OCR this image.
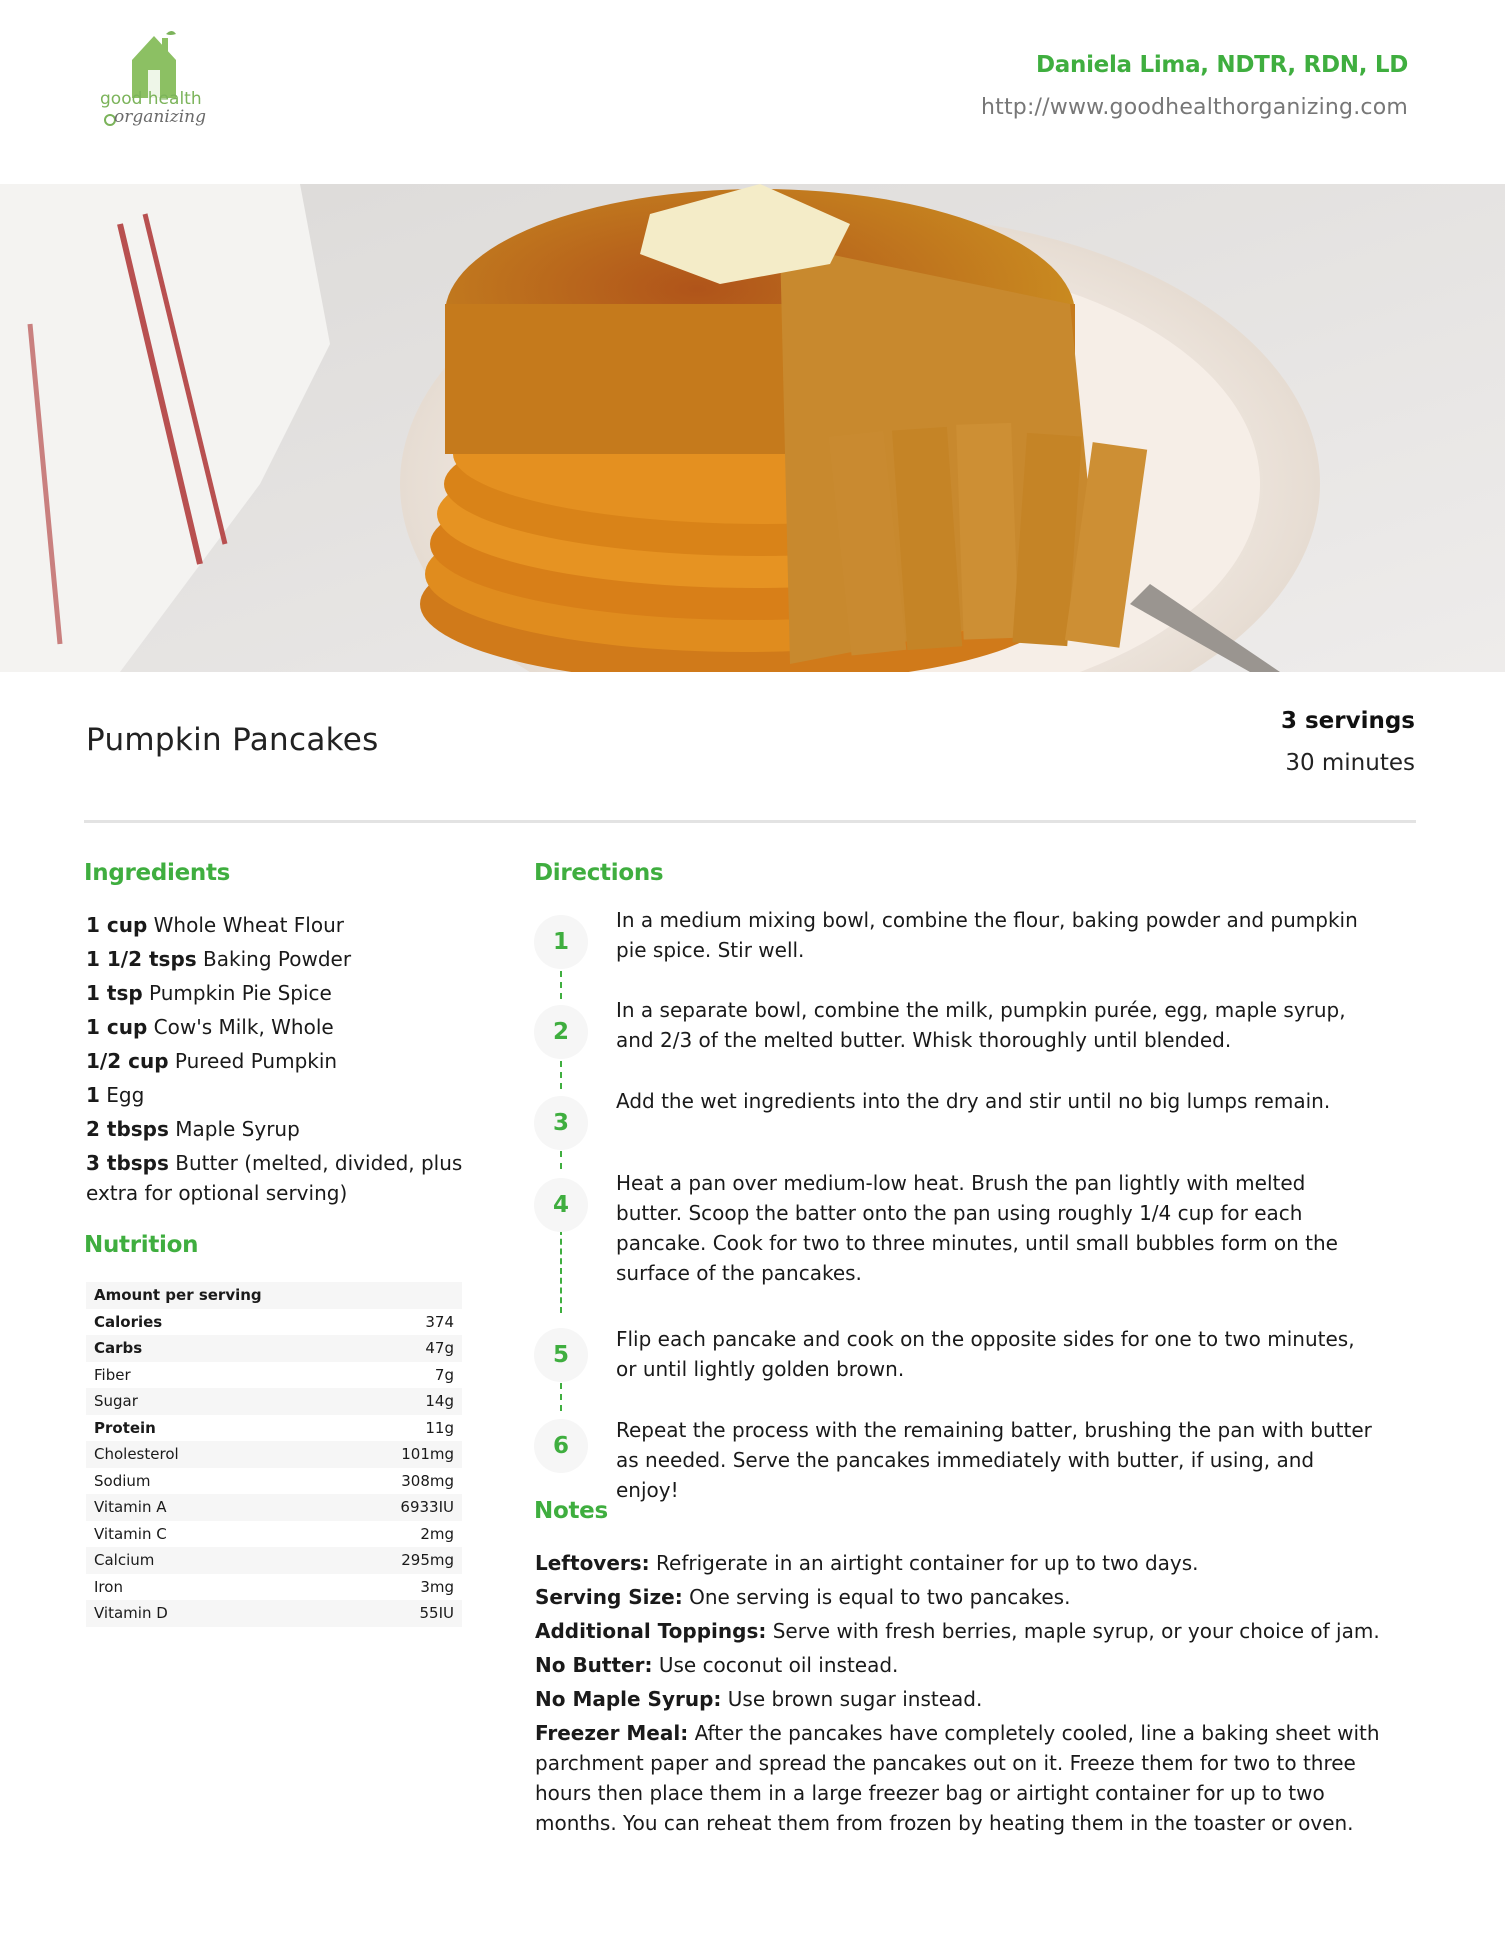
good health
organizing
Daniela Lima, NDTR, RDN, LD
http://www.goodhealthorganizing.com
Pumpkin Pancakes
3 servings
30 minutes
Ingredients
1 cup Whole Wheat Flour
1 1/2 tsps Baking Powder
1 tsp Pumpkin Pie Spice
1 cup Cow's Milk, Whole
1/2 cup Pureed Pumpkin
1 Egg
2 tbsps Maple Syrup
3 tbsps Butter (melted, divided, plus extra for optional serving)
Nutrition
Amount per serving
Calories	374
Carbs	47g
Fiber	7g
Sugar	14g
Protein	11g
Cholesterol	101mg
Sodium	308mg
Vitamin A	6933IU
Vitamin C	2mg
Calcium	295mg
Iron	3mg
Vitamin D	55IU
Directions
1
In a medium mixing bowl, combine the flour, baking powder and pumpkin pie spice. Stir well.
2
In a separate bowl, combine the milk, pumpkin purée, egg, maple syrup, and 2/3 of the melted butter. Whisk thoroughly until blended.
3
Add the wet ingredients into the dry and stir until no big lumps remain.
4
Heat a pan over medium-low heat. Brush the pan lightly with melted butter. Scoop the batter onto the pan using roughly 1/4 cup for each pancake. Cook for two to three minutes, until small bubbles form on the surface of the pancakes.
5
Flip each pancake and cook on the opposite sides for one to two minutes, or until lightly golden brown.
6
Repeat the process with the remaining batter, brushing the pan with butter as needed. Serve the pancakes immediately with butter, if using, and enjoy!
Notes

Leftovers: Refrigerate in an airtight container for up to two days.

Serving Size: One serving is equal to two pancakes.

Additional Toppings: Serve with fresh berries, maple syrup, or your choice of jam.

No Butter: Use coconut oil instead.

No Maple Syrup: Use brown sugar instead.

Freezer Meal: After the pancakes have completely cooled, line a baking sheet with parchment paper and spread the pancakes out on it. Freeze them for two to three hours then place them in a large freezer bag or airtight container for up to two months. You can reheat them from frozen by heating them in the toaster or oven.
